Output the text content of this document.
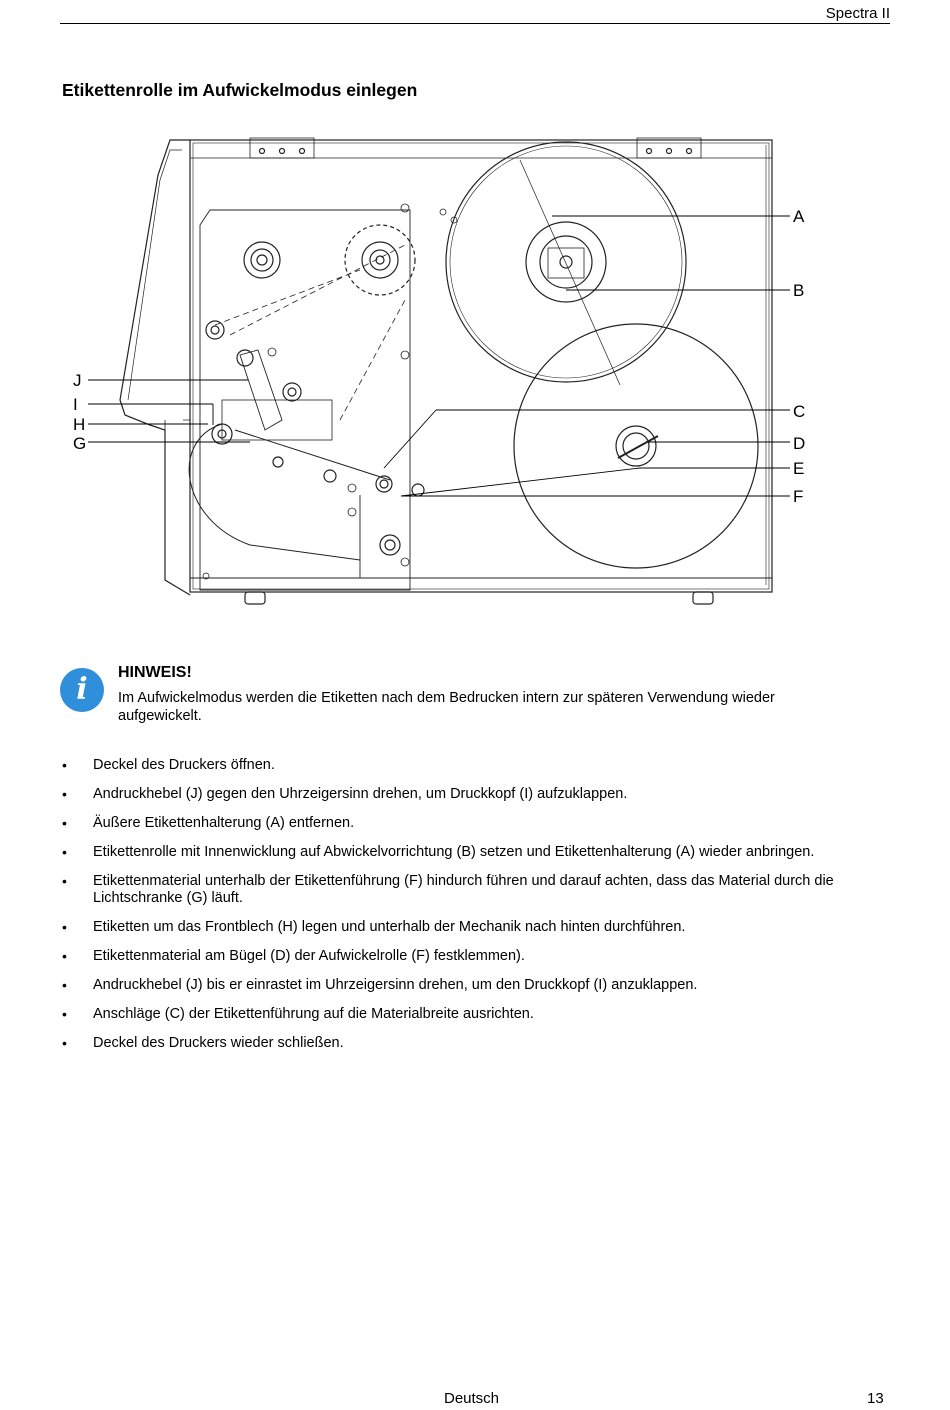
Spectra II
Etikettenrolle im Aufwickelmodus einlegen
A
B
C
D
E
F
J
I
H
G
i	HINWEIS!
Im Aufwickelmodus werden die Etiketten nach dem Bedrucken intern zur späteren Verwendung wieder aufgewickelt.
• Deckel des Druckers öffnen.
• Andruckhebel (J) gegen den Uhrzeigersinn drehen, um Druckkopf (I) aufzuklappen.
• Äußere Etikettenhalterung (A) entfernen.
• Etikettenrolle mit Innenwicklung auf Abwickelvorrichtung (B) setzen und Etikettenhalterung (A) wieder anbringen.
• Etikettenmaterial unterhalb der Etikettenführung (F) hindurch führen und darauf achten, dass das Material durch die Lichtschranke (G) läuft.
• Etiketten um das Frontblech (H) legen und unterhalb der Mechanik nach hinten durchführen.
• Etikettenmaterial am Bügel (D) der Aufwickelrolle (F) festklemmen).
• Andruckhebel (J) bis er einrastet im Uhrzeigersinn drehen, um den Druckkopf (I) anzuklappen.
• Anschläge (C) der Etikettenführung auf die Materialbreite ausrichten.
• Deckel des Druckers wieder schließen.
Deutsch	13
